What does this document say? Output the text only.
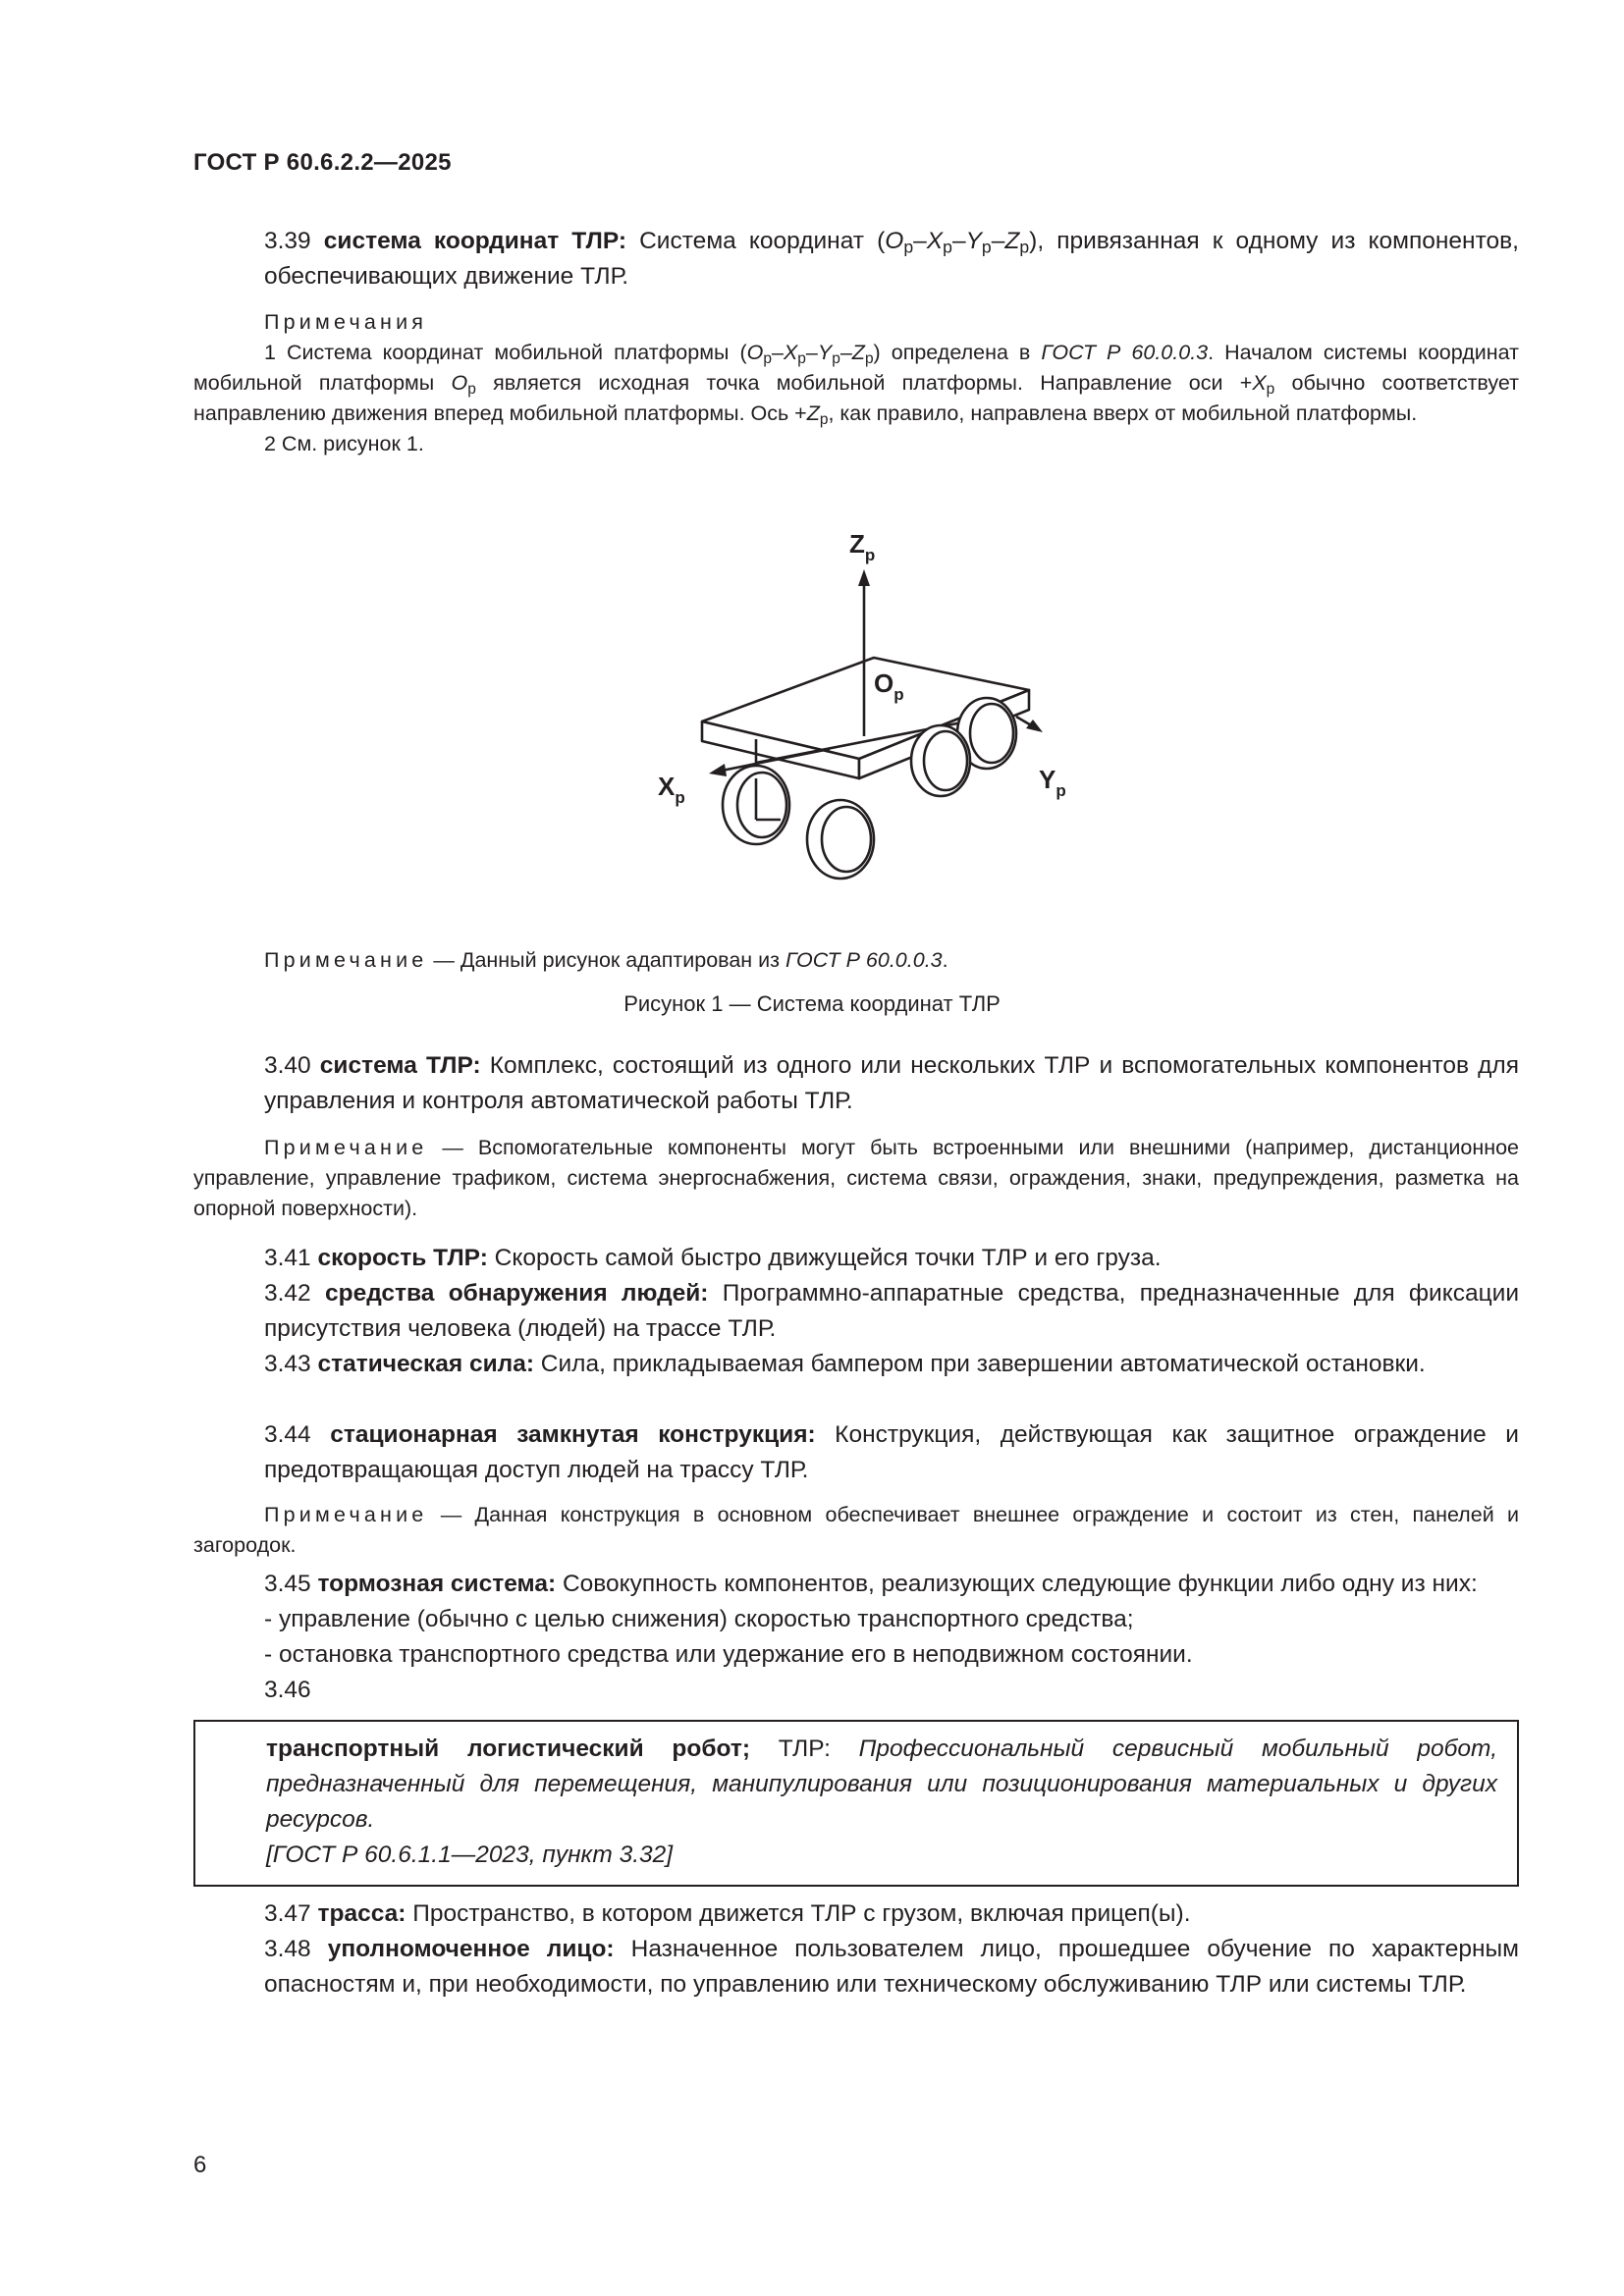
ГОСТ Р 60.6.2.2—2025
3.39 система координат ТЛР: Система координат $(O_p-X_p-Y_p-Z_p)$, привязанная к одному из компонентов, обеспечивающих движение ТЛР.
Примечания
1 Система координат мобильной платформы $(O_p-X_p-Y_p-Z_p)$ определена в ГОСТ Р 60.0.0.3. Началом системы координат мобильной платформы $O_p$ является исходная точка мобильной платформы. Направление оси $+X_p$ обычно соответствует направлению движения вперед мобильной платформы. Ось $+Z_p$, как правило, направлена вверх от мобильной платформы.
2 См. рисунок 1.
$Z_p$
$O_p$
$X_p$
$Y_p$
Примечание — Данный рисунок адаптирован из ГОСТ Р 60.0.0.3.
Рисунок 1 — Система координат ТЛР
3.40 система ТЛР: Комплекс, состоящий из одного или нескольких ТЛР и вспомогательных компонентов для управления и контроля автоматической работы ТЛР.
Примечание — Вспомогательные компоненты могут быть встроенными или внешними (например, дистанционное управление, управление трафиком, система энергоснабжения, система связи, ограждения, знаки, предупреждения, разметка на опорной поверхности).
3.41 скорость ТЛР: Скорость самой быстро движущейся точки ТЛР и его груза.
3.42 средства обнаружения людей: Программно-аппаратные средства, предназначенные для фиксации присутствия человека (людей) на трассе ТЛР.
3.43 статическая сила: Сила, прикладываемая бампером при завершении автоматической остановки.
3.44 стационарная замкнутая конструкция: Конструкция, действующая как защитное ограждение и предотвращающая доступ людей на трассу ТЛР.
Примечание — Данная конструкция в основном обеспечивает внешнее ограждение и состоит из стен, панелей и загородок.
3.45 тормозная система: Совокупность компонентов, реализующих следующие функции либо одну из них:
- управление (обычно с целью снижения) скоростью транспортного средства;
- остановка транспортного средства или удержание его в неподвижном состоянии.
3.46
транспортный логистический робот; ТЛР: Профессиональный сервисный мобильный робот, предназначенный для перемещения, манипулирования или позиционирования материальных и других ресурсов.
[ГОСТ Р 60.6.1.1—2023, пункт 3.32]
3.47 трасса: Пространство, в котором движется ТЛР с грузом, включая прицеп(ы).
3.48 уполномоченное лицо: Назначенное пользователем лицо, прошедшее обучение по характерным опасностям и, при необходимости, по управлению или техническому обслуживанию ТЛР или системы ТЛР.
6
